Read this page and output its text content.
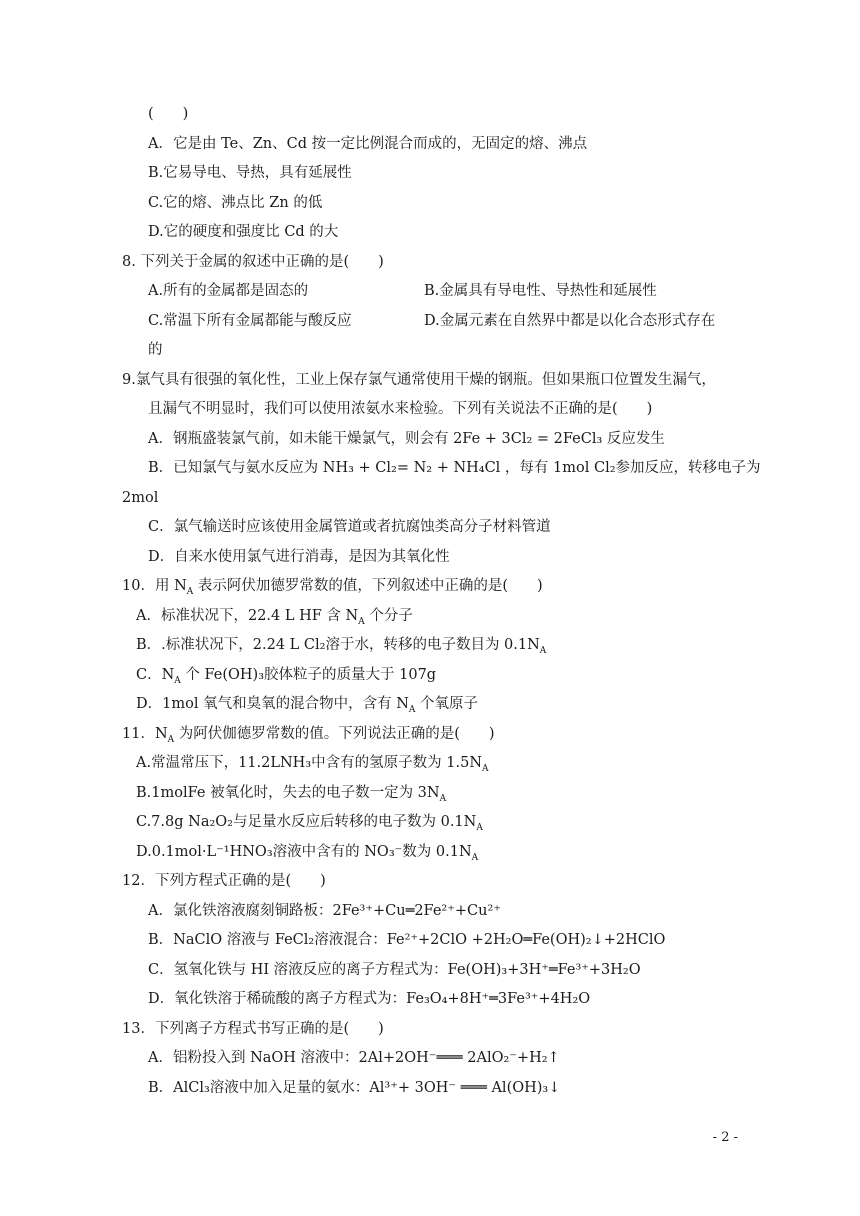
(　　)
A．它是由 Te、Zn、Cd 按一定比例混合而成的，无固定的熔、沸点
B.它易导电、导热，具有延展性
C.它的熔、沸点比 Zn 的低
D.它的硬度和强度比 Cd 的大
8. 下列关于金属的叙述中正确的是(　　)
A.所有的金属都是固态的	B.金属具有导电性、导热性和延展性
C.常温下所有金属都能与酸反应	D.金属元素在自然界中都是以化合态形式存在
的
9.氯气具有很强的氧化性，工业上保存氯气通常使用干燥的钢瓶。但如果瓶口位置发生漏气，
且漏气不明显时，我们可以使用浓氨水来检验。下列有关说法不正确的是(　　)
A．钢瓶盛装氯气前，如未能干燥氯气，则会有 2Fe + 3Cl₂ = 2FeCl₃ 反应发生
B．已知氯气与氨水反应为 NH₃ + Cl₂= N₂ + NH₄Cl ，每有 1mol Cl₂参加反应，转移电子为
2mol
C．氯气输送时应该使用金属管道或者抗腐蚀类高分子材料管道
D．自来水使用氯气进行消毒，是因为其氧化性
10．用 $N_A$ 表示阿伏加德罗常数的值，下列叙述中正确的是(　　)
A．标准状况下，22.4 L HF 含 $N_A$ 个分子
B．.标准状况下，2.24 L Cl₂溶于水，转移的电子数目为 $0.1N_A$
C．$N_A$ 个 Fe(OH)₃胶体粒子的质量大于 107g
D．1mol 氧气和臭氧的混合物中，含有 $N_A$ 个氧原子
11．$N_A$ 为阿伏伽德罗常数的值。下列说法正确的是(　　)
A.常温常压下，11.2LNH₃中含有的氢原子数为 $1.5N_A$
B.1molFe 被氧化时，失去的电子数一定为 $3N_A$
C.7.8g Na₂O₂与足量水反应后转移的电子数为 $0.1N_A$
D.0.1mol·L⁻¹HNO₃溶液中含有的 NO₃⁻数为 $0.1N_A$
12．下列方程式正确的是(　　)
A．氯化铁溶液腐刻铜路板：2Fe³⁺+Cu═2Fe²⁺+Cu²⁺
B．NaClO 溶液与 FeCl₂溶液混合：Fe²⁺+2ClO +2H₂O═Fe(OH)₂↓+2HClO
C．氢氧化铁与 HI 溶液反应的离子方程式为：Fe(OH)₃+3H⁺═Fe³⁺+3H₂O
D．氧化铁溶于稀硫酸的离子方程式为：Fe₃O₄+8H⁺═3Fe³⁺+4H₂O
13．下列离子方程式书写正确的是(　　)
A．铝粉投入到 NaOH 溶液中：2Al+2OH⁻═══ 2AlO₂⁻+H₂↑
B．AlCl₃溶液中加入足量的氨水：Al³⁺+ 3OH⁻ ═══ Al(OH)₃↓
- 2 -
